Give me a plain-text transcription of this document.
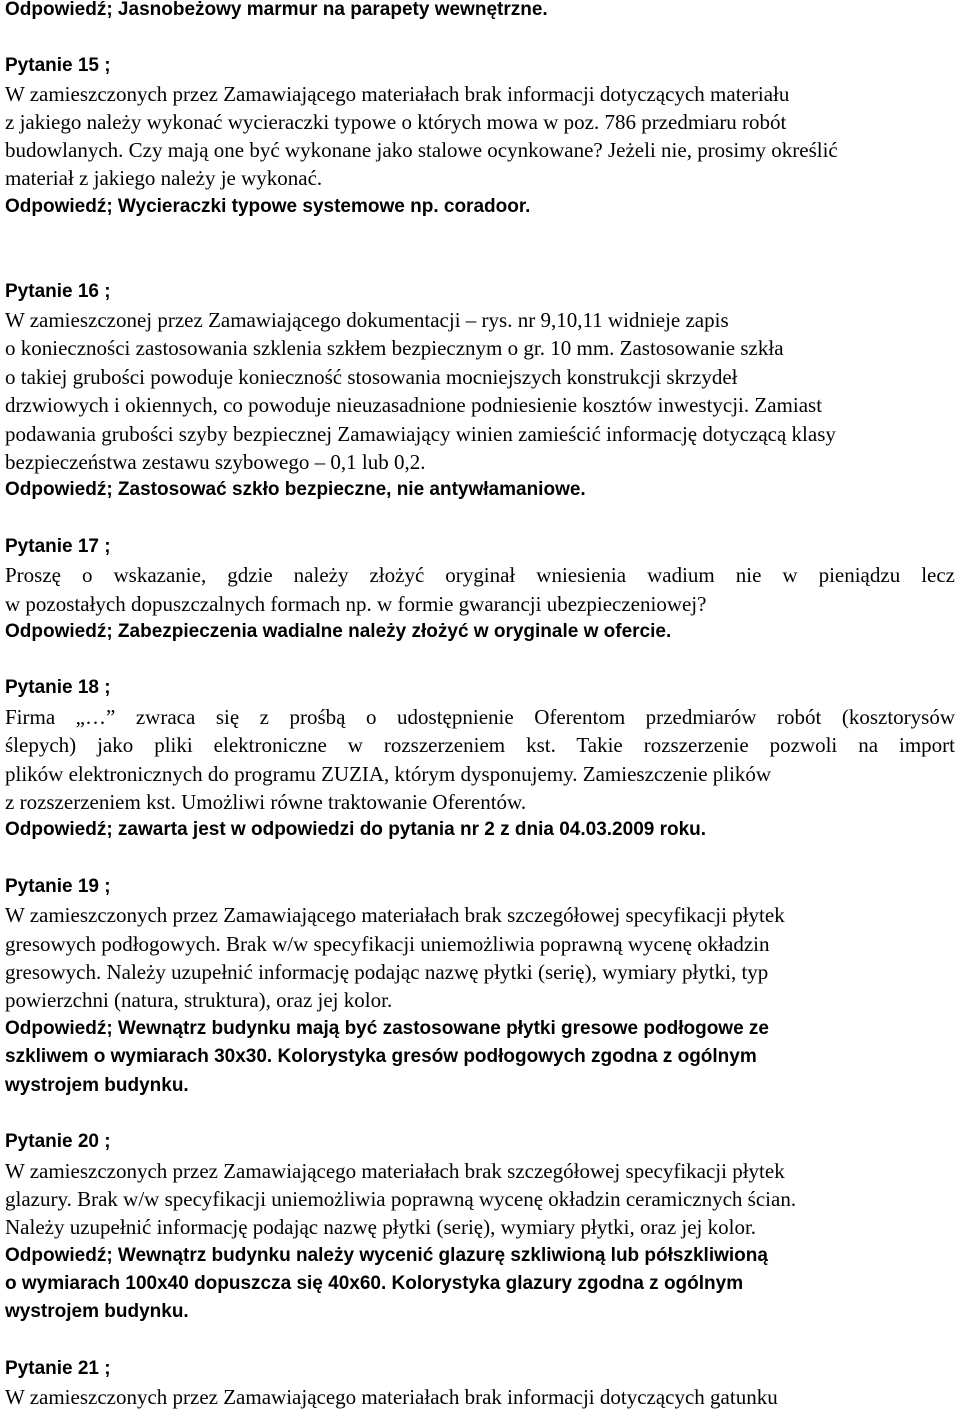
Odpowiedź; Jasnobeżowy marmur na parapety wewnętrzne.
Pytanie 15 ;
W zamieszczonych przez Zamawiającego materiałach brak informacji dotyczących materiału
z jakiego należy wykonać wycieraczki typowe o których mowa w poz. 786 przedmiaru robót
budowlanych. Czy mają one być wykonane jako stalowe ocynkowane? Jeżeli nie, prosimy określić
materiał z jakiego należy je wykonać.
Odpowiedź; Wycieraczki typowe systemowe np. coradoor.
Pytanie 16 ;
W zamieszczonej przez Zamawiającego dokumentacji – rys. nr 9,10,11 widnieje zapis
o konieczności zastosowania szklenia szkłem bezpiecznym o gr. 10 mm. Zastosowanie szkła
o takiej grubości powoduje konieczność stosowania mocniejszych konstrukcji skrzydeł
drzwiowych i okiennych, co powoduje nieuzasadnione podniesienie kosztów inwestycji. Zamiast
podawania grubości szyby bezpiecznej Zamawiający winien zamieścić informację dotyczącą klasy
bezpieczeństwa zestawu szybowego – 0,1 lub 0,2.
Odpowiedź; Zastosować szkło bezpieczne, nie antywłamaniowe.
Pytanie 17 ;
Proszę o wskazanie, gdzie należy złożyć oryginał wniesienia wadium nie w pieniądzu lecz
w pozostałych dopuszczalnych formach np. w formie gwarancji ubezpieczeniowej?
Odpowiedź; Zabezpieczenia wadialne należy złożyć w oryginale w ofercie.
Pytanie 18 ;
Firma „…” zwraca się z prośbą o udostępnienie Oferentom przedmiarów robót (kosztorysów
ślepych) jako pliki elektroniczne w rozszerzeniem kst. Takie rozszerzenie pozwoli na import
plików elektronicznych do programu ZUZIA, którym dysponujemy. Zamieszczenie plików
z rozszerzeniem kst. Umożliwi równe traktowanie Oferentów.
Odpowiedź; zawarta jest w odpowiedzi do pytania nr 2 z dnia 04.03.2009 roku.
Pytanie 19 ;
W zamieszczonych przez Zamawiającego materiałach brak szczegółowej specyfikacji płytek
gresowych podłogowych. Brak w/w specyfikacji uniemożliwia poprawną wycenę okładzin
gresowych. Należy uzupełnić informację podając nazwę płytki (serię), wymiary płytki, typ
powierzchni (natura, struktura), oraz jej kolor.
Odpowiedź; Wewnątrz budynku mają być zastosowane płytki gresowe podłogowe ze
szkliwem o wymiarach 30x30. Kolorystyka gresów podłogowych zgodna z ogólnym
wystrojem budynku.
Pytanie 20 ;
W zamieszczonych przez Zamawiającego materiałach brak szczegółowej specyfikacji płytek
glazury. Brak w/w specyfikacji uniemożliwia poprawną wycenę okładzin ceramicznych ścian.
Należy uzupełnić informację podając nazwę płytki (serię), wymiary płytki, oraz jej kolor.
Odpowiedź; Wewnątrz budynku należy wycenić glazurę szkliwioną lub półszkliwioną
o wymiarach 100x40 dopuszcza się 40x60. Kolorystyka glazury zgodna z ogólnym
wystrojem budynku.
Pytanie 21 ;
W zamieszczonych przez Zamawiającego materiałach brak informacji dotyczących gatunku
